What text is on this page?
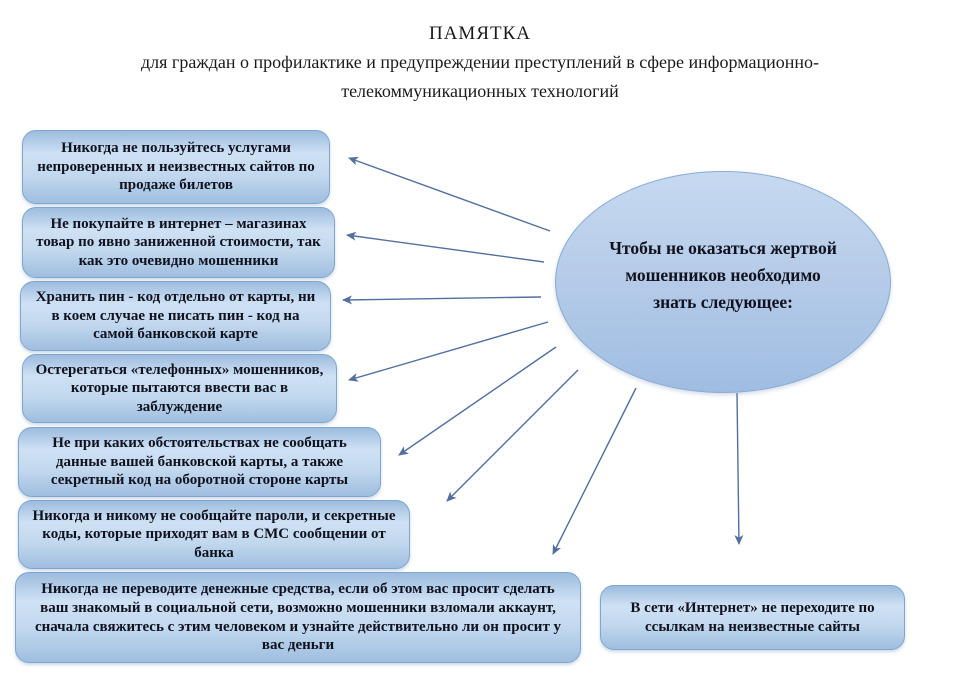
ПАМЯТКА
для граждан о профилактике и предупреждении преступлений в сфере информационно-
телекоммуникационных технологий
Чтобы не оказаться жертвой мошенников необходимо знать следующее:
Никогда не пользуйтесь услугами непроверенных и неизвестных сайтов по продаже билетов
Не покупайте в интернет – магазинах товар по явно заниженной стоимости, так как это очевидно мошенники
Хранить пин - код отдельно от карты, ни в коем случае не писать пин - код на самой банковской карте
Остерегаться «телефонных» мошенников, которые пытаются ввести вас в заблуждение
Не при каких обстоятельствах не сообщать данные вашей банковской карты, а также секретный код на оборотной стороне карты
Никогда и никому не сообщайте пароли, и секретные коды, которые приходят вам в СМС сообщении от банка
Никогда не переводите денежные средства, если об этом вас просит сделать ваш знакомый в социальной сети, возможно мошенники взломали аккаунт, сначала свяжитесь с этим человеком и узнайте действительно ли он просит у вас деньги
В сети «Интернет» не переходите по ссылкам на неизвестные сайты
